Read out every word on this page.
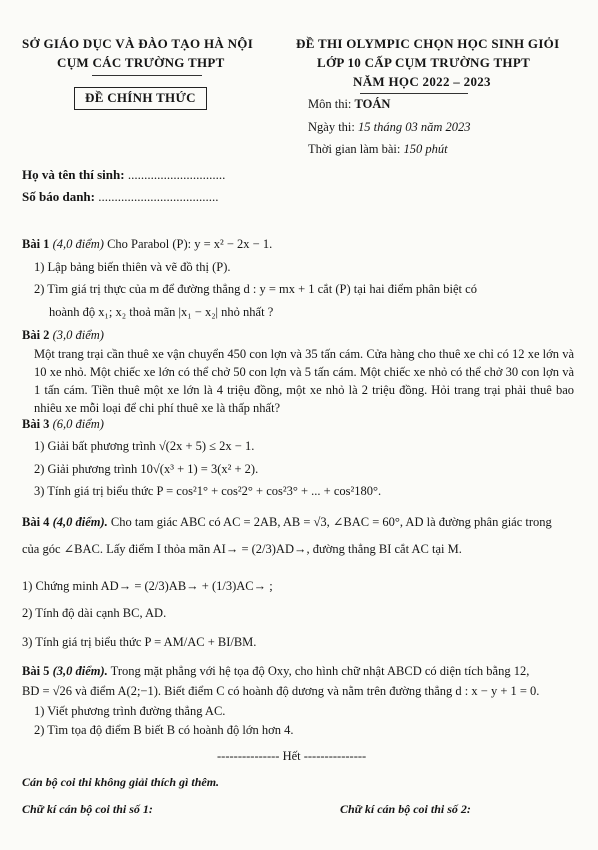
SỞ GIÁO DỤC VÀ ĐÀO TẠO HÀ NỘI
CỤM CÁC TRƯỜNG THPT
ĐỀ CHÍNH THỨC
ĐỀ THI OLYMPIC CHỌN HỌC SINH GIỎI
LỚP 10 CẤP CỤM TRƯỜNG THPT
NĂM HỌC 2022 – 2023
Môn thi: TOÁN
Ngày thi: 15 tháng 03 năm 2023
Thời gian làm bài: 150 phút
Họ và tên thí sinh: ..............................
Số báo danh: .....................................
Bài 1 (4,0 điểm) Cho Parabol (P): y = x² − 2x − 1.
1) Lập bảng biến thiên và vẽ đồ thị (P).
2) Tìm giá trị thực của m để đường thẳng d : y = mx + 1 cắt (P) tại hai điểm phân biệt có
hoành độ x₁; x₂ thoả mãn |x₁ − x₂| nhỏ nhất ?
Bài 2 (3,0 điểm)
Một trang trại cần thuê xe vận chuyển 450 con lợn và 35 tấn cám. Cửa hàng cho thuê xe chỉ có 12 xe lớn và 10 xe nhỏ. Một chiếc xe lớn có thể chở 50 con lợn và 5 tấn cám. Một chiếc xe nhỏ có thể chở 30 con lợn và 1 tấn cám. Tiền thuê một xe lớn là 4 triệu đồng, một xe nhỏ là 2 triệu đồng. Hỏi trang trại phải thuê bao nhiêu xe mỗi loại để chi phí thuê xe là thấp nhất?
Bài 3 (6,0 điểm)
1) Giải bất phương trình √(2x + 5) ≤ 2x − 1.
2) Giải phương trình 10√(x³ + 1) = 3(x² + 2).
3) Tính giá trị biểu thức P = cos²1° + cos²2° + cos²3° + ... + cos²180°.
Bài 4 (4,0 điểm). Cho tam giác ABC có AC = 2AB, AB = √3, ∠BAC = 60°, AD là đường phân giác trong
của góc ∠BAC. Lấy điểm I thỏa mãn AI→ = (2/3)AD→, đường thẳng BI cắt AC tại M.
1) Chứng minh AD→ = (2/3)AB→ + (1/3)AC→ ;
2) Tính độ dài cạnh BC, AD.
3) Tính giá trị biểu thức P = AM/AC + BI/BM.
Bài 5 (3,0 điểm). Trong mặt phẳng với hệ tọa độ Oxy, cho hình chữ nhật ABCD có diện tích bằng 12,
BD = √26 và điểm A(2;−1). Biết điểm C có hoành độ dương và nằm trên đường thẳng d : x − y + 1 = 0.
1) Viết phương trình đường thẳng AC.
2) Tìm tọa độ điểm B biết B có hoành độ lớn hơn 4.
--------------- Hết ---------------
Cán bộ coi thi không giải thích gì thêm.
Chữ kí cán bộ coi thi số 1:	Chữ kí cán bộ coi thi số 2:
